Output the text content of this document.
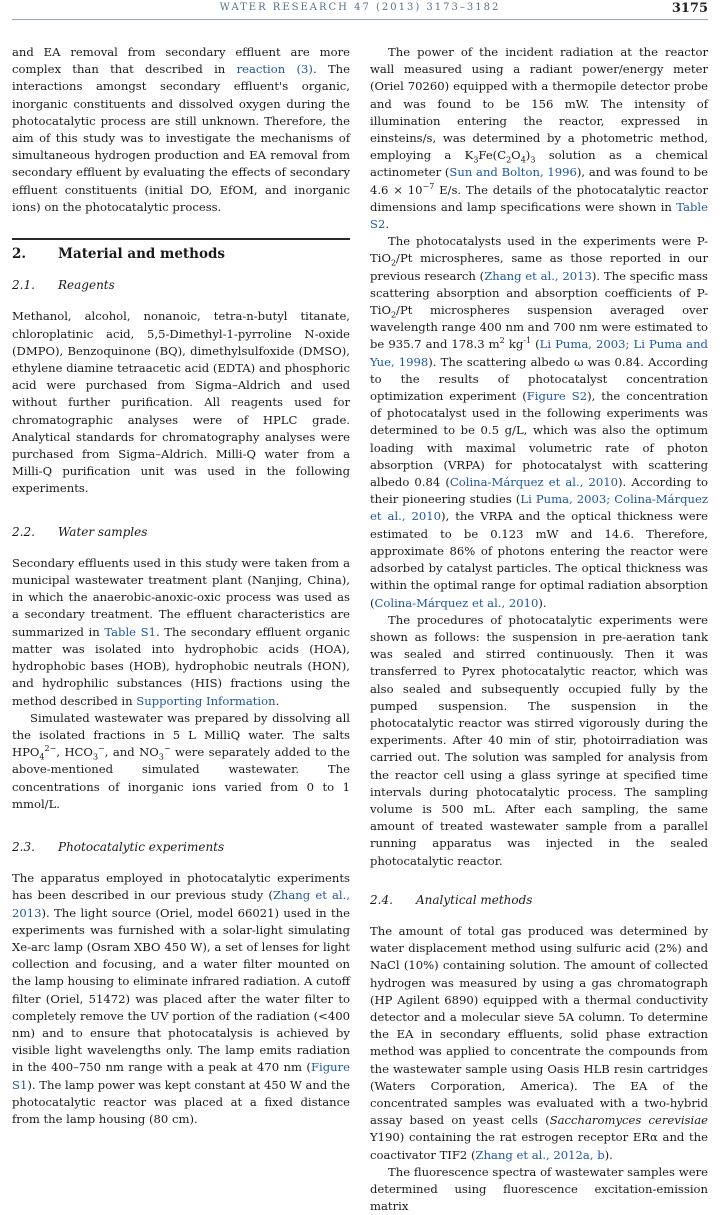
WATER RESEARCH 47 (2013) 3173–3182	3175

and EA removal from secondary effluent are more complex than that described in reaction (3). The interactions amongst secondary effluent's organic, inorganic constituents and dissolved oxygen during the photocatalytic process are still unknown. Therefore, the aim of this study was to investigate the mechanisms of simultaneous hydrogen production and EA removal from secondary effluent by evaluating the effects of secondary effluent constituents (initial DO, EfOM, and inorganic ions) on the photocatalytic process.

2.	Material and methods
2.1.	Reagents

Methanol, alcohol, nonanoic, tetra-n-butyl titanate, chloroplatinic acid, 5,5-Dimethyl-1-pyrroline N-oxide (DMPO), Benzoquinone (BQ), dimethylsulfoxide (DMSO), ethylene diamine tetraacetic acid (EDTA) and phosphoric acid were purchased from Sigma–Aldrich and used without further purification. All reagents used for chromatographic analyses were of HPLC grade. Analytical standards for chromatography analyses were purchased from Sigma–Aldrich. Milli-Q water from a Milli-Q purification unit was used in the following experiments.

2.2.	Water samples

Secondary effluents used in this study were taken from a municipal wastewater treatment plant (Nanjing, China), in which the anaerobic-anoxic-oxic process was used as a secondary treatment. The effluent characteristics are summarized in Table S1. The secondary effluent organic matter was isolated into hydrophobic acids (HOA), hydrophobic bases (HOB), hydrophobic neutrals (HON), and hydrophilic substances (HIS) fractions using the method described in Supporting Information.

Simulated wastewater was prepared by dissolving all the isolated fractions in 5 L MilliQ water. The salts $HPO_4^{2-}$, $HCO_3^-$, and $NO_3^-$ were separately added to the above-mentioned simulated wastewater. The concentrations of inorganic ions varied from 0 to 1 mmol/L.

2.3.	Photocatalytic experiments

The apparatus employed in photocatalytic experiments has been described in our previous study (Zhang et al., 2013). The light source (Oriel, model 66021) used in the experiments was furnished with a solar-light simulating Xe-arc lamp (Osram XBO 450 W), a set of lenses for light collection and focusing, and a water filter mounted on the lamp housing to eliminate infrared radiation. A cutoff filter (Oriel, 51472) was placed after the water filter to completely remove the UV portion of the radiation (<400 nm) and to ensure that photocatalysis is achieved by visible light wavelengths only. The lamp emits radiation in the 400–750 nm range with a peak at 470 nm (Figure S1). The lamp power was kept constant at 450 W and the photocatalytic reactor was placed at a fixed distance from the lamp housing (80 cm).

The power of the incident radiation at the reactor wall measured using a radiant power/energy meter (Oriel 70260) equipped with a thermopile detector probe and was found to be 156 mW. The intensity of illumination entering the reactor, expressed in einsteins/s, was determined by a photometric method, employing a $K_3Fe(C_2O_4)_3$ solution as a chemical actinometer (Sun and Bolton, 1996), and was found to be $4.6 \times 10^{-7}$ E/s. The details of the photocatalytic reactor dimensions and lamp specifications were shown in Table S2.

The photocatalysts used in the experiments were P-TiO$_2$/Pt microspheres, same as those reported in our previous research (Zhang et al., 2013). The specific mass scattering absorption and absorption coefficients of P-TiO$_2$/Pt microspheres suspension averaged over wavelength range 400 nm and 700 nm were estimated to be 935.7 and 178.3 $m^2$ $kg^{-1}$ (Li Puma, 2003; Li Puma and Yue, 1998). The scattering albedo ω was 0.84. According to the results of photocatalyst concentration optimization experiment (Figure S2), the concentration of photocatalyst used in the following experiments was determined to be 0.5 g/L, which was also the optimum loading with maximal volumetric rate of photon absorption (VRPA) for photocatalyst with scattering albedo 0.84 (Colina-Márquez et al., 2010). According to their pioneering studies (Li Puma, 2003; Colina-Márquez et al., 2010), the VRPA and the optical thickness were estimated to be 0.123 mW and 14.6. Therefore, approximate 86% of photons entering the reactor were adsorbed by catalyst particles. The optical thickness was within the optimal range for optimal radiation absorption (Colina-Márquez et al., 2010).

The procedures of photocatalytic experiments were shown as follows: the suspension in pre-aeration tank was sealed and stirred continuously. Then it was transferred to Pyrex photocatalytic reactor, which was also sealed and subsequently occupied fully by the pumped suspension. The suspension in the photocatalytic reactor was stirred vigorously during the experiments. After 40 min of stir, photoirradiation was carried out. The solution was sampled for analysis from the reactor cell using a glass syringe at specified time intervals during photocatalytic process. The sampling volume is 500 mL. After each sampling, the same amount of treated wastewater sample from a parallel running apparatus was injected in the sealed photocatalytic reactor.

2.4.	Analytical methods

The amount of total gas produced was determined by water displacement method using sulfuric acid (2%) and NaCl (10%) containing solution. The amount of collected hydrogen was measured by using a gas chromatograph (HP Agilent 6890) equipped with a thermal conductivity detector and a molecular sieve 5A column. To determine the EA in secondary effluents, solid phase extraction method was applied to concentrate the compounds from the wastewater sample using Oasis HLB resin cartridges (Waters Corporation, America). The EA of the concentrated samples was evaluated with a two-hybrid assay based on yeast cells (Saccharomyces cerevisiae Y190) containing the rat estrogen receptor ERα and the coactivator TIF2 (Zhang et al., 2012a, b).

The fluorescence spectra of wastewater samples were determined using fluorescence excitation-emission matrix
